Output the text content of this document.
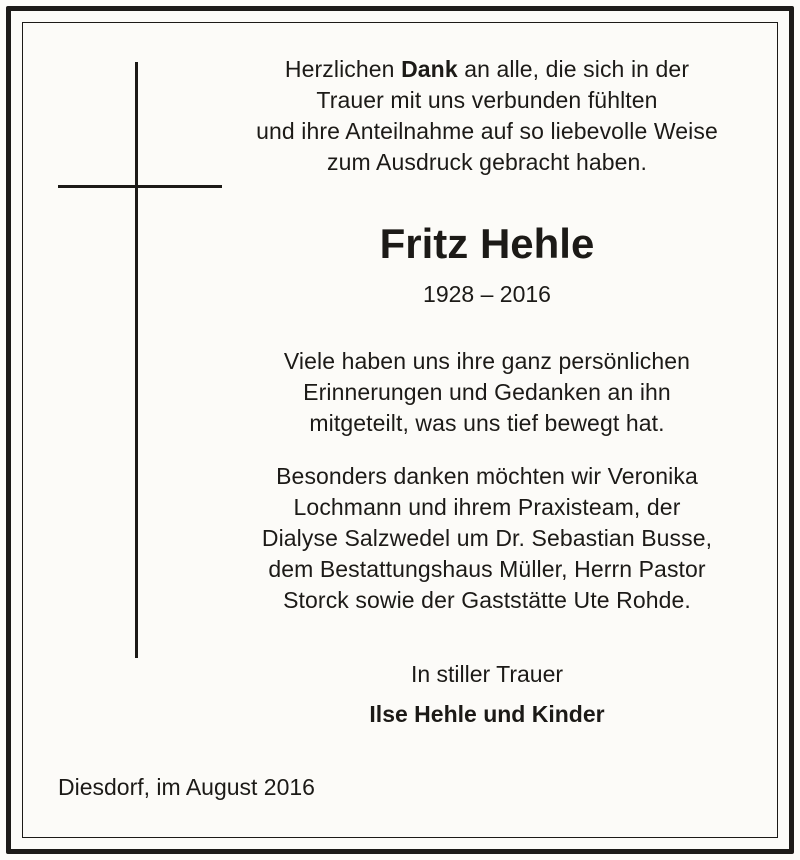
Herzlichen Dank an alle, die sich in der
Trauer mit uns verbunden fühlten
und ihre Anteilnahme auf so liebevolle Weise
zum Ausdruck gebracht haben.
Fritz Hehle
1928 – 2016
Viele haben uns ihre ganz persönlichen
Erinnerungen und Gedanken an ihn
mitgeteilt, was uns tief bewegt hat.
Besonders danken möchten wir Veronika
Lochmann und ihrem Praxisteam, der
Dialyse Salzwedel um Dr. Sebastian Busse,
dem Bestattungshaus Müller, Herrn Pastor
Storck sowie der Gaststätte Ute Rohde.
In stiller Trauer
Ilse Hehle und Kinder
Diesdorf, im August 2016
